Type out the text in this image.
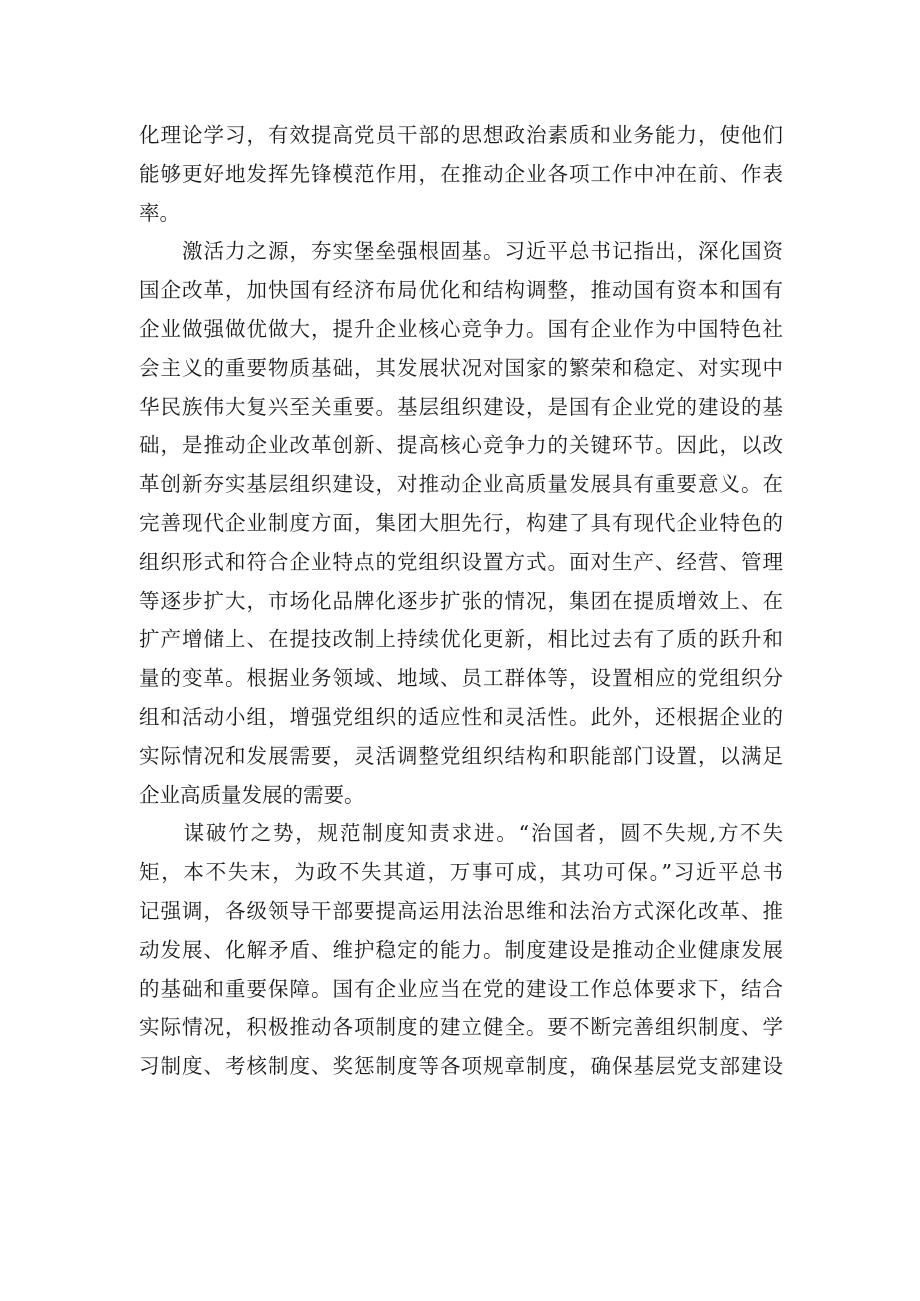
化理论学习，有效提高党员干部的思想政治素质和业务能力，使他们
能够更好地发挥先锋模范作用，在推动企业各项工作中冲在前、作表
率。
　　激活力之源，夯实堡垒强根固基。习近平总书记指出，深化国资
国企改革，加快国有经济布局优化和结构调整，推动国有资本和国有
企业做强做优做大，提升企业核心竞争力。国有企业作为中国特色社
会主义的重要物质基础，其发展状况对国家的繁荣和稳定、对实现中
华民族伟大复兴至关重要。基层组织建设，是国有企业党的建设的基
础，是推动企业改革创新、提高核心竞争力的关键环节。因此，以改
革创新夯实基层组织建设，对推动企业高质量发展具有重要意义。在
完善现代企业制度方面，集团大胆先行，构建了具有现代企业特色的
组织形式和符合企业特点的党组织设置方式。面对生产、经营、管理
等逐步扩大，市场化品牌化逐步扩张的情况，集团在提质增效上、在
扩产增储上、在提技改制上持续优化更新，相比过去有了质的跃升和
量的变革。根据业务领域、地域、员工群体等，设置相应的党组织分
组和活动小组，增强党组织的适应性和灵活性。此外，还根据企业的
实际情况和发展需要，灵活调整党组织结构和职能部门设置，以满足
企业高质量发展的需要。
　　谋破竹之势，规范制度知责求进。“治国者，圆不失规,方不失
矩，本不失末，为政不失其道，万事可成，其功可保。”习近平总书
记强调，各级领导干部要提高运用法治思维和法治方式深化改革、推
动发展、化解矛盾、维护稳定的能力。制度建设是推动企业健康发展
的基础和重要保障。国有企业应当在党的建设工作总体要求下，结合
实际情况，积极推动各项制度的建立健全。要不断完善组织制度、学
习制度、考核制度、奖惩制度等各项规章制度，确保基层党支部建设
